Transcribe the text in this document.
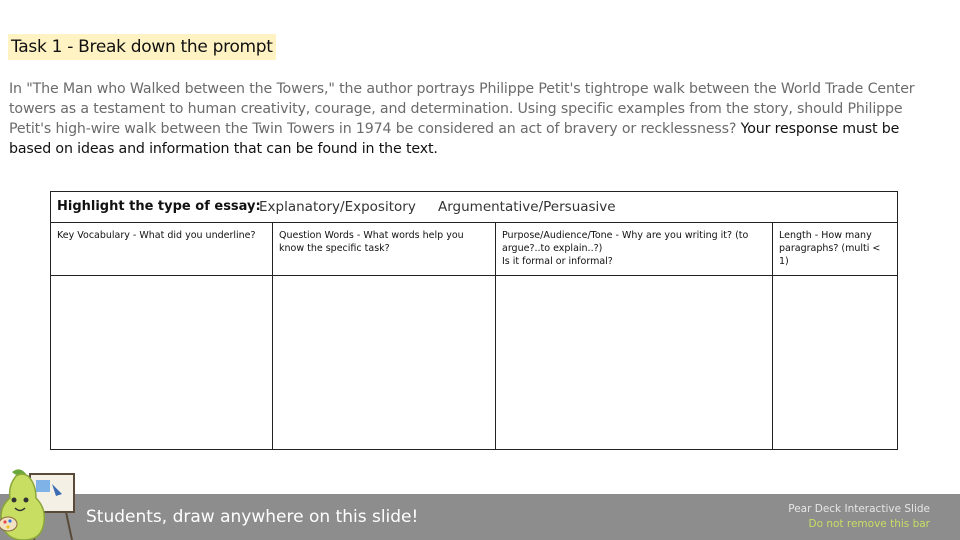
Task 1 - Break down the prompt
In "The Man who Walked between the Towers," the author portrays Philippe Petit's tightrope walk between the World Trade Center towers as a testament to human creativity, courage, and determination. Using specific examples from the story, should Philippe Petit's high-wire walk between the Twin Towers in 1974 be considered an act of bravery or recklessness? Your response must be based on ideas and information that can be found in the text.
Highlight the type of essay:
Explanatory/Expository Argumentative/Persuasive
Key Vocabulary - What did you underline?	Question Words - What words help you know the specific task?
Purpose/Audience/Tone - Why are you writing it? (to argue?..to explain..?)
Is it formal or informal?
Length - How many paragraphs? (multi < 1)
Students, draw anywhere on this slide!	Pear Deck Interactive Slide
Do not remove this bar
